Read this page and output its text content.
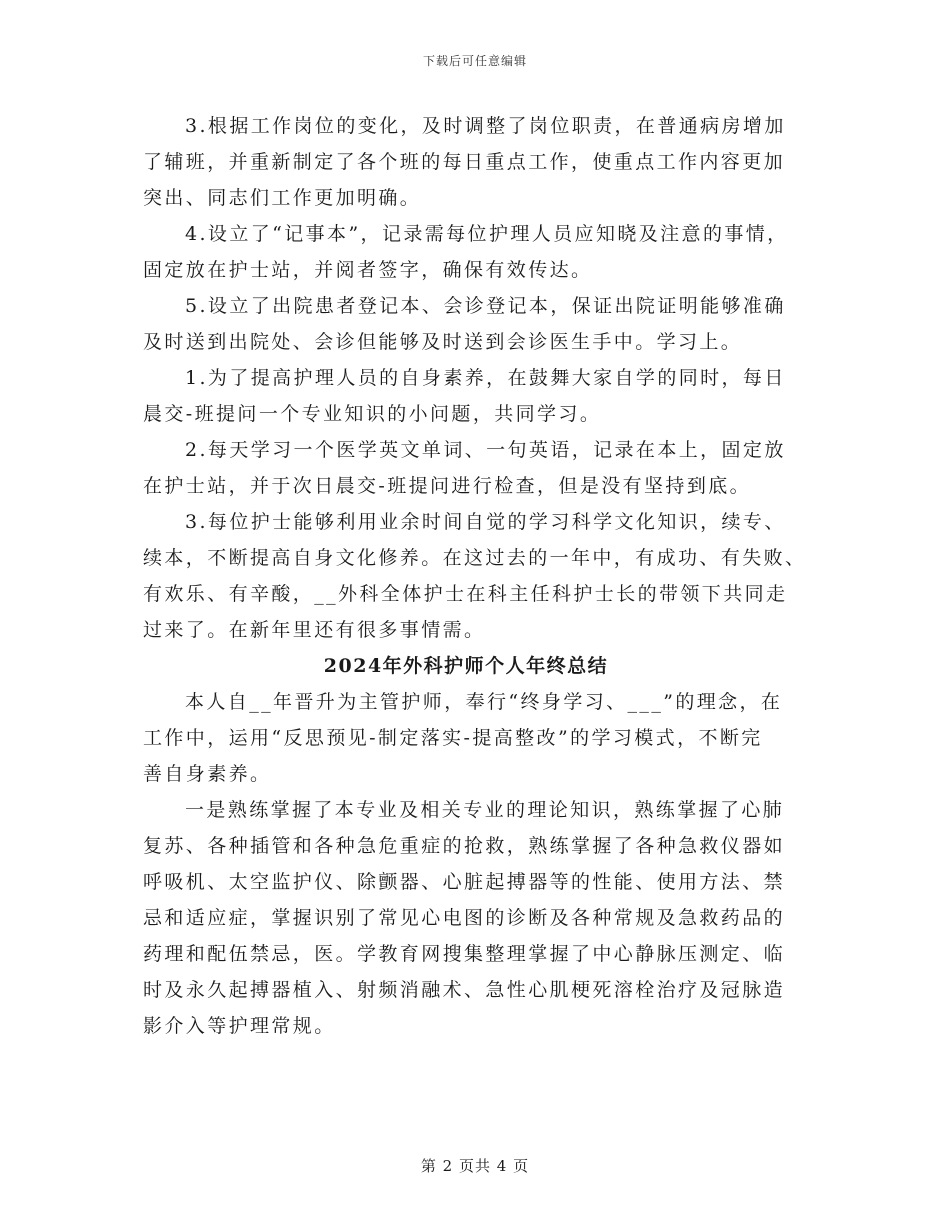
下载后可任意编辑

3.根据工作岗位的变化，及时调整了岗位职责，在普通病房增加
了辅班，并重新制定了各个班的每日重点工作，使重点工作内容更加
突出、同志们工作更加明确。

4.设立了“记事本”，记录需每位护理人员应知晓及注意的事情，
固定放在护士站，并阅者签字，确保有效传达。

5.设立了出院患者登记本、会诊登记本，保证出院证明能够准确
及时送到出院处、会诊但能够及时送到会诊医生手中。学习上。

1.为了提高护理人员的自身素养，在鼓舞大家自学的同时，每日
晨交-班提问一个专业知识的小问题，共同学习。

2.每天学习一个医学英文单词、一句英语，记录在本上，固定放
在护士站，并于次日晨交-班提问进行检查，但是没有坚持到底。

3.每位护士能够利用业余时间自觉的学习科学文化知识，续专、
续本，不断提高自身文化修养。在这过去的一年中，有成功、有失败、
有欢乐、有辛酸，__外科全体护士在科主任科护士长的带领下共同走
过来了。在新年里还有很多事情需。

2024年外科护师个人年终总结

本人自__年晋升为主管护师，奉行“终身学习、___”的理念，在
工作中，运用“反思预见-制定落实-提高整改”的学习模式，不断完
善自身素养。

一是熟练掌握了本专业及相关专业的理论知识，熟练掌握了心肺
复苏、各种插管和各种急危重症的抢救，熟练掌握了各种急救仪器如
呼吸机、太空监护仪、除颤器、心脏起搏器等的性能、使用方法、禁
忌和适应症，掌握识别了常见心电图的诊断及各种常规及急救药品的
药理和配伍禁忌，医。学教育网搜集整理掌握了中心静脉压测定、临
时及永久起搏器植入、射频消融术、急性心肌梗死溶栓治疗及冠脉造
影介入等护理常规。

第 2 页共 4 页
